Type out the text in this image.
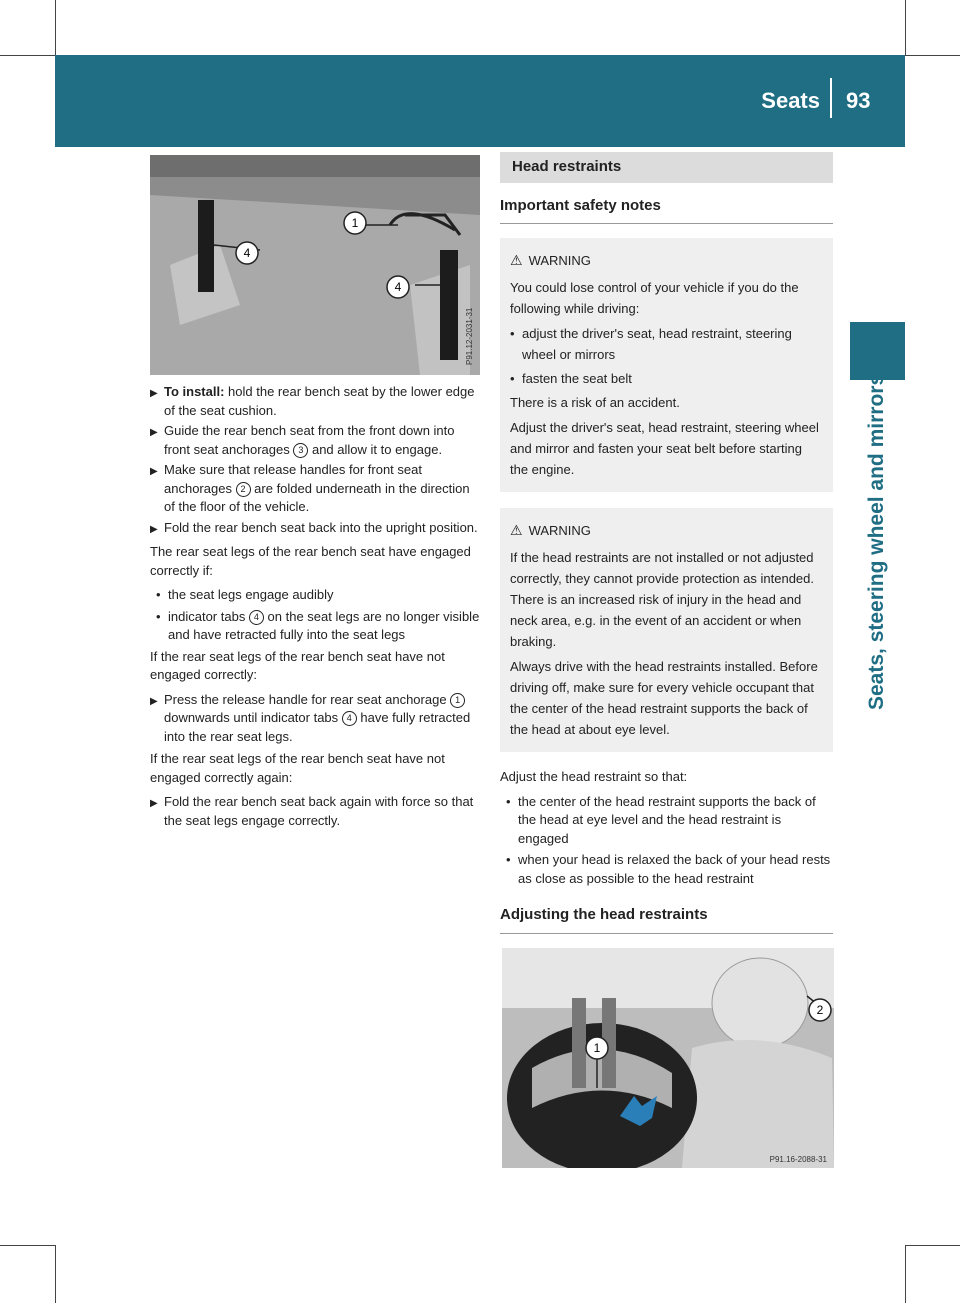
Seats 93
Seats, steering wheel and mirrors
1
4
4
P91.12-2031-31
▶ To install: hold the rear bench seat by the lower edge of the seat cushion.
▶ Guide the rear bench seat from the front down into front seat anchorages 3 and allow it to engage.
▶ Make sure that release handles for front seat anchorages 2 are folded underneath in the direction of the floor of the vehicle.
▶ Fold the rear bench seat back into the upright position.

The rear seat legs of the rear bench seat have engaged correctly if:

• the seat legs engage audibly
• indicator tabs 4 on the seat legs are no longer visible and have retracted fully into the seat legs

If the rear seat legs of the rear bench seat have not engaged correctly:

▶ Press the release handle for rear seat anchorage 1 downwards until indicator tabs 4 have fully retracted into the rear seat legs.

If the rear seat legs of the rear bench seat have not engaged correctly again:

▶ Fold the rear bench seat back again with force so that the seat legs engage correctly.
Head restraints
Important safety notes
⚠ WARNING

You could lose control of your vehicle if you do the following while driving:

• adjust the driver's seat, head restraint, steering wheel or mirrors
• fasten the seat belt

There is a risk of an accident.

Adjust the driver's seat, head restraint, steering wheel and mirror and fasten your seat belt before starting the engine.

⚠ WARNING

If the head restraints are not installed or not adjusted correctly, they cannot provide protection as intended. There is an increased risk of injury in the head and neck area, e.g. in the event of an accident or when braking.

Always drive with the head restraints installed. Before driving off, make sure for every vehicle occupant that the center of the head restraint supports the back of the head at about eye level.

Adjust the head restraint so that:

• the center of the head restraint supports the back of the head at eye level and the head restraint is engaged
• when your head is relaxed the back of your head rests as close as possible to the head restraint
Adjusting the head restraints
1
2
P91.16-2088-31
